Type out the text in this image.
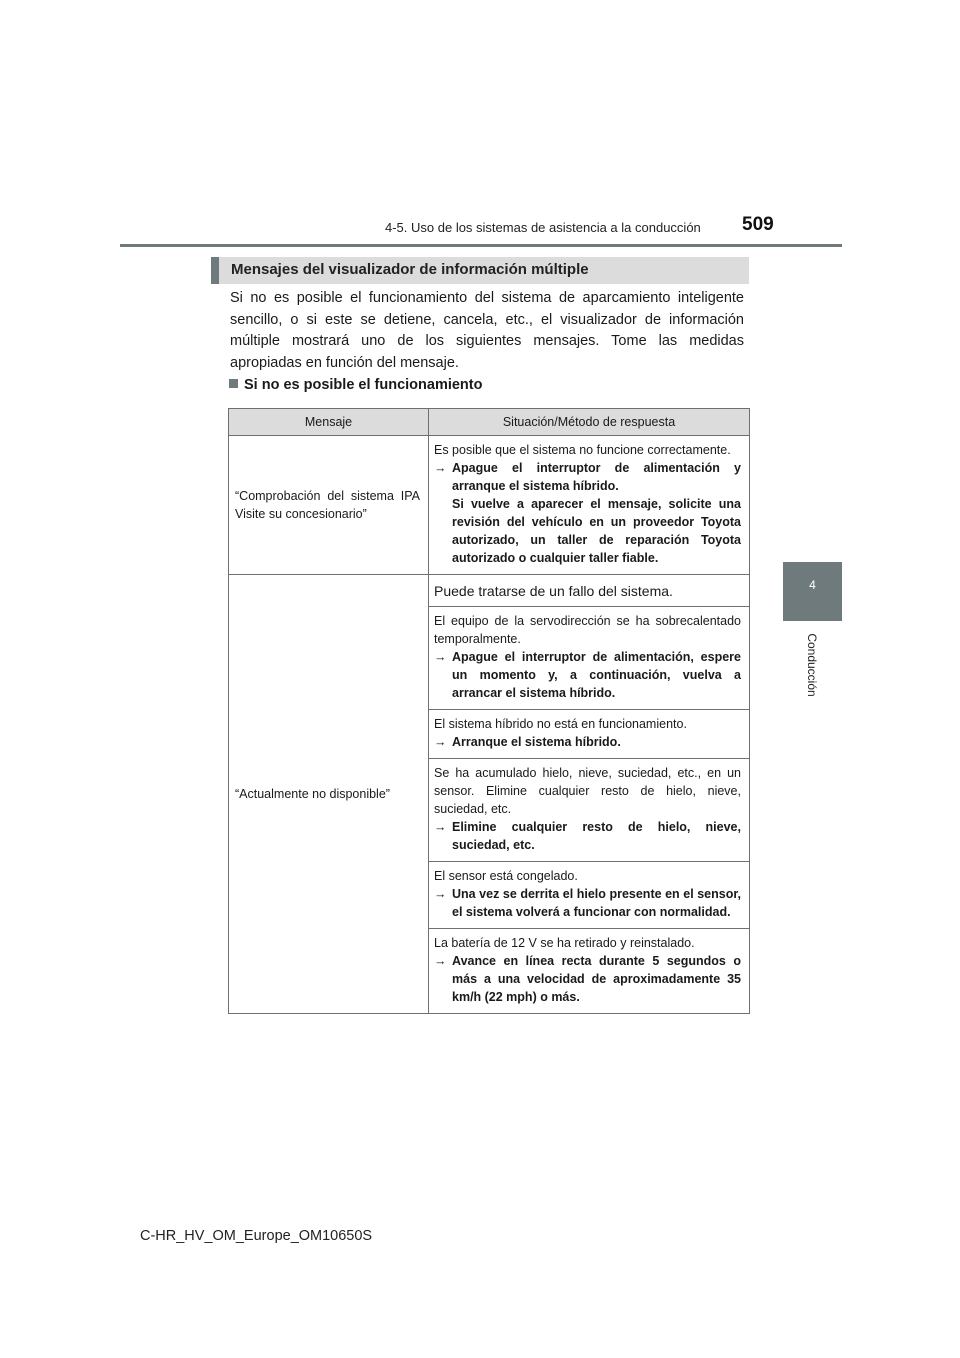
4-5. Uso de los sistemas de asistencia a la conducción 509
4
Conducción
Mensajes del visualizador de información múltiple
Si no es posible el funcionamiento del sistema de aparcamiento inteligente sencillo, o si este se detiene, cancela, etc., el visualizador de información múltiple mostrará uno de los siguientes mensajes. Tome las medidas apropiadas en función del mensaje.
Si no es posible el funcionamiento
Mensaje	Situación/Método de respuesta
“Comprobación del sistema IPA Visite su concesionario”	Es posible que el sistema no funcione correctamente.
→ Apague el interruptor de alimentación y arranque el sistema híbrido.
Si vuelve a aparecer el mensaje, solicite una revisión del vehículo en un proveedor Toyota autorizado, un taller de reparación Toyota autorizado o cualquier taller fiable.

“Actualmente no disponible”	Puede tratarse de un fallo del sistema.

	El equipo de la servodirección se ha sobrecalentado temporalmente.
→ Apague el interruptor de alimentación, espere un momento y, a continuación, vuelva a arrancar el sistema híbrido.

	El sistema híbrido no está en funcionamiento.
→ Arranque el sistema híbrido.

	Se ha acumulado hielo, nieve, suciedad, etc., en un sensor. Elimine cualquier resto de hielo, nieve, suciedad, etc.
→ Elimine cualquier resto de hielo, nieve, suciedad, etc.

	El sensor está congelado.
→ Una vez se derrita el hielo presente en el sensor, el sistema volverá a funcionar con normalidad.

	La batería de 12 V se ha retirado y reinstalado.
→ Avance en línea recta durante 5 segundos o más a una velocidad de aproximadamente 35 km/h (22 mph) o más.
C-HR_HV_OM_Europe_OM10650S
